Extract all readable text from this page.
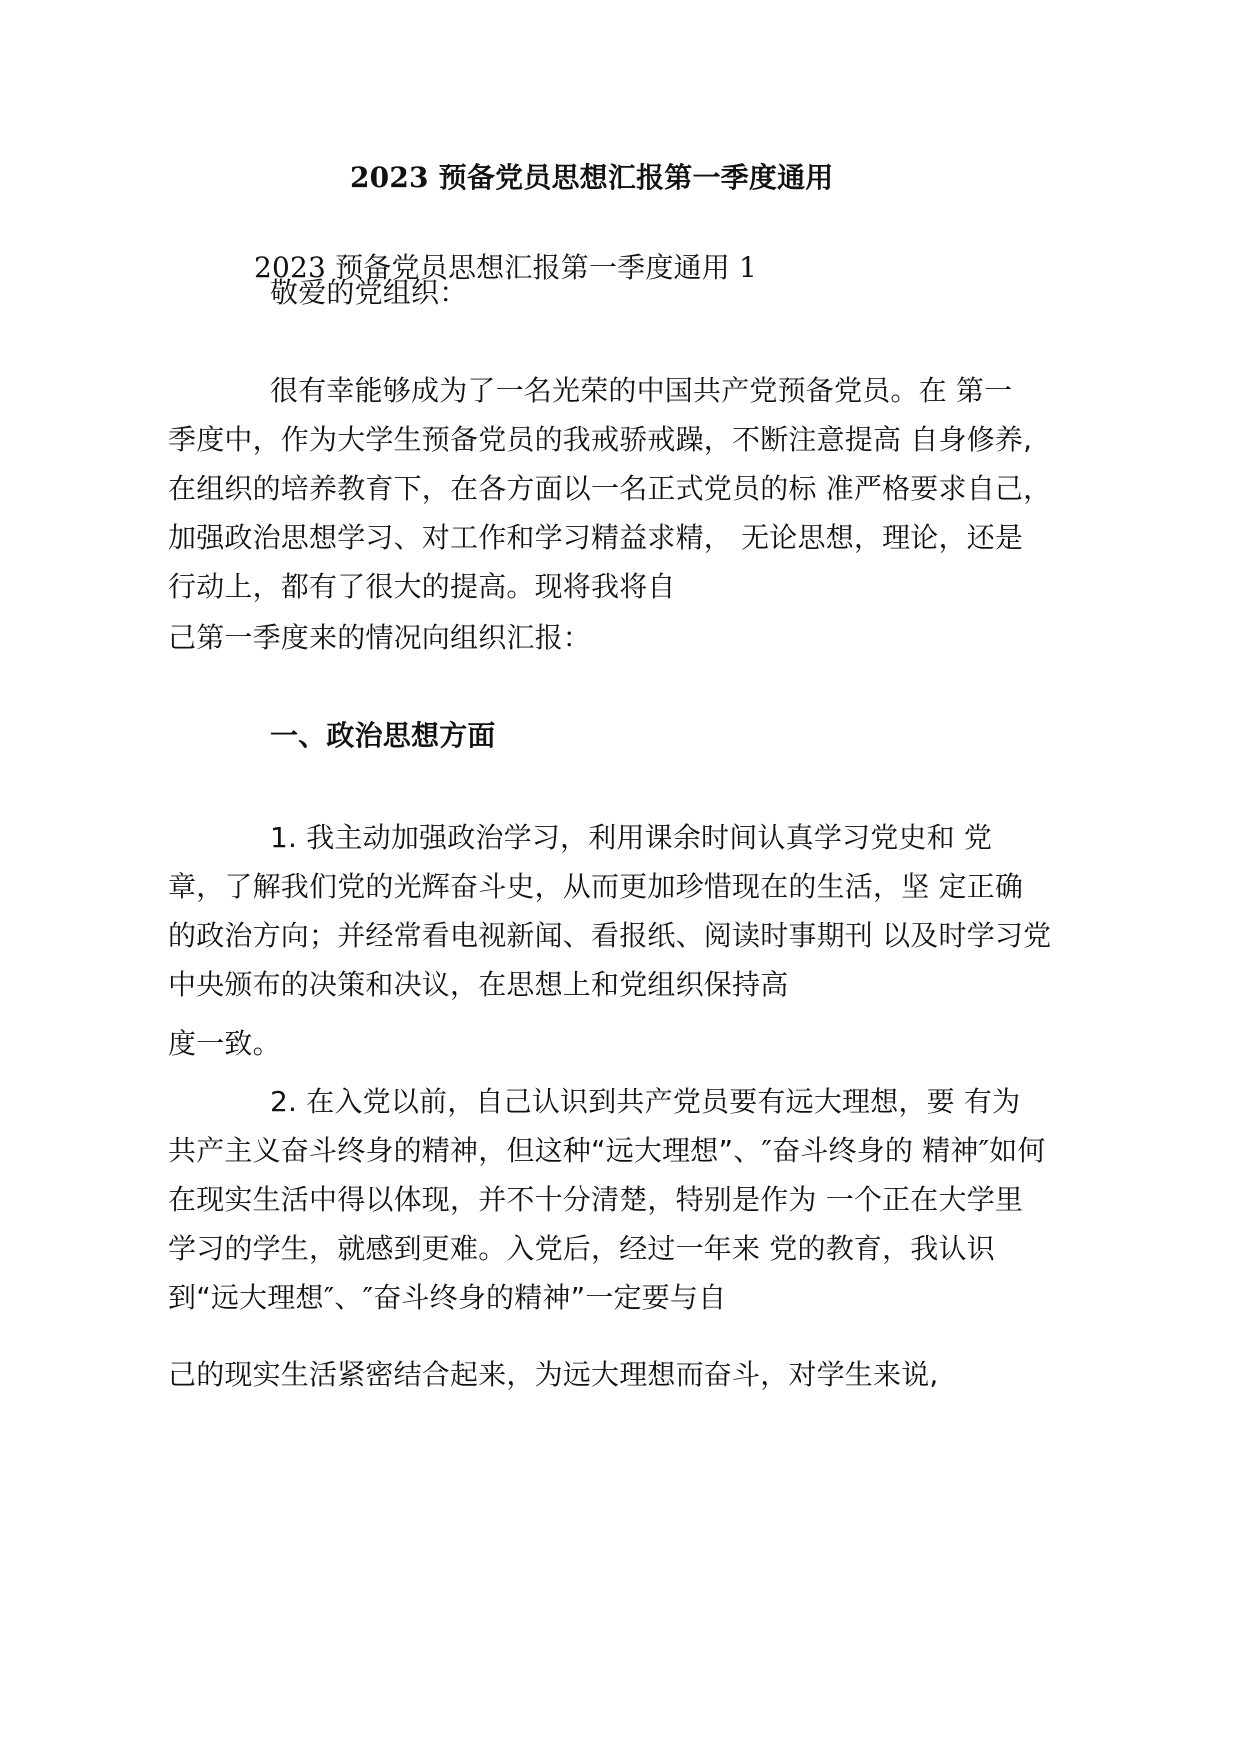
2023 预备党员思想汇报第一季度通用

2023 预备党员思想汇报第一季度通用 1

敬爱的党组织：

很有幸能够成为了一名光荣的中国共产党预备党员。在 第一

季度中，作为大学生预备党员的我戒骄戒躁，不断注意提高 自身修养,

在组织的培养教育下，在各方面以一名正式党员的标 准严格要求自己，

加强政治思想学习、对工作和学习精益求精， 无论思想，理论，还是

行动上，都有了很大的提高。现将我将自

己第一季度来的情况向组织汇报：

一、政治思想方面

1. 我主动加强政治学习，利用课余时间认真学习党史和 党

章，了解我们党的光辉奋斗史，从而更加珍惜现在的生活，坚 定正确

的政治方向；并经常看电视新闻、看报纸、阅读时事期刊 以及时学习党

中央颁布的决策和决议，在思想上和党组织保持高

度一致。

2. 在入党以前，自己认识到共产党员要有远大理想，要 有为

共产主义奋斗终身的精神，但这种“远大理想”、″奋斗终身的 精神″如何

在现实生活中得以体现，并不十分清楚，特别是作为 一个正在大学里

学习的学生，就感到更难。入党后，经过一年来 党的教育，我认识

到“远大理想″、″奋斗终身的精神”一定要与自

己的现实生活紧密结合起来，为远大理想而奋斗，对学生来说,
